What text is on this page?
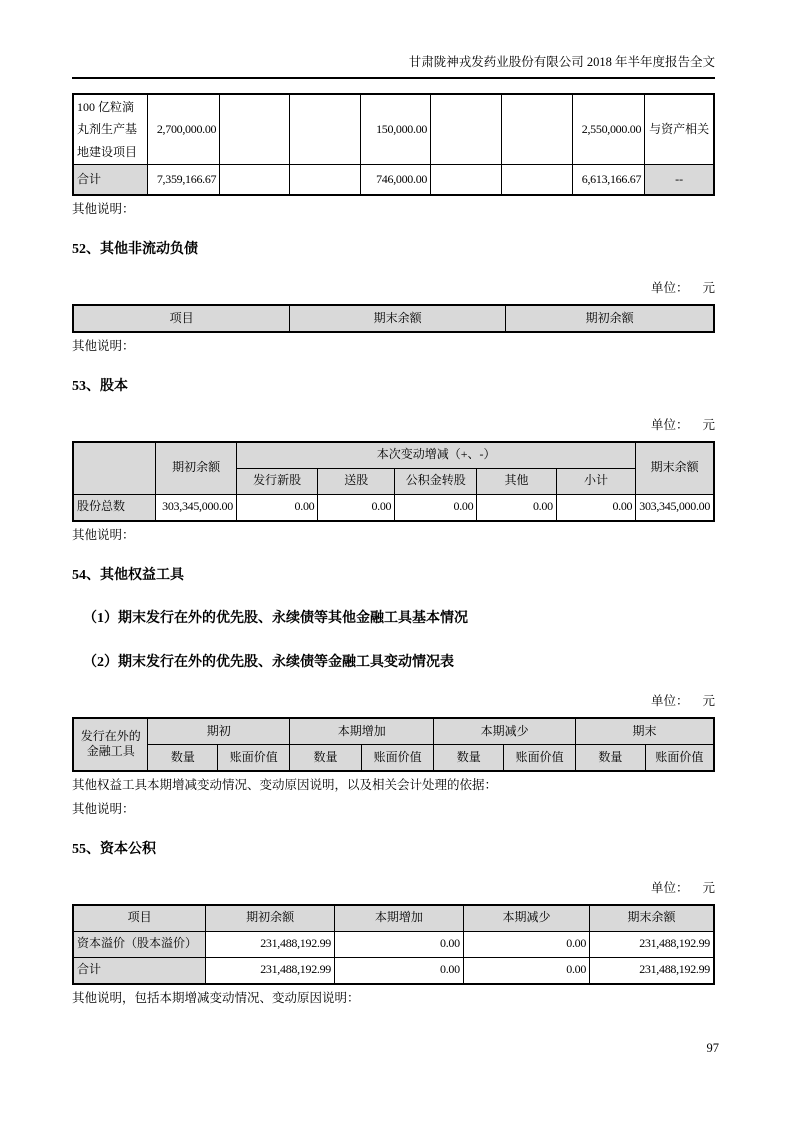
甘肃陇神戎发药业股份有限公司 2018 年半年度报告全文
100 亿粒滴丸剂生产基地建设项目	2,700,000.00			150,000.00			2,550,000.00	与资产相关
合计	7,359,166.67			746,000.00			6,613,166.67	--

其他说明：

52、其他非流动负债
单位： 元
项目	期末余额	期初余额

其他说明：

53、股本
单位： 元
	期初余额	本次变动增减（+、-）					期末余额
		发行新股	送股	公积金转股	其他	小计	
股份总数	303,345,000.00	0.00	0.00	0.00	0.00	0.00	303,345,000.00

其他说明：

54、其他权益工具
（1）期末发行在外的优先股、永续债等其他金融工具基本情况
（2）期末发行在外的优先股、永续债等金融工具变动情况表
单位： 元
发行在外的金融工具	期初		本期增加		本期减少		期末	
	数量	账面价值	数量	账面价值	数量	账面价值	数量	账面价值

其他权益工具本期增减变动情况、变动原因说明，以及相关会计处理的依据：

其他说明：

55、资本公积
单位： 元
项目	期初余额	本期增加	本期减少	期末余额
资本溢价（股本溢价）	231,488,192.99	0.00	0.00	231,488,192.99
合计	231,488,192.99	0.00	0.00	231,488,192.99

其他说明，包括本期增减变动情况、变动原因说明：

97
